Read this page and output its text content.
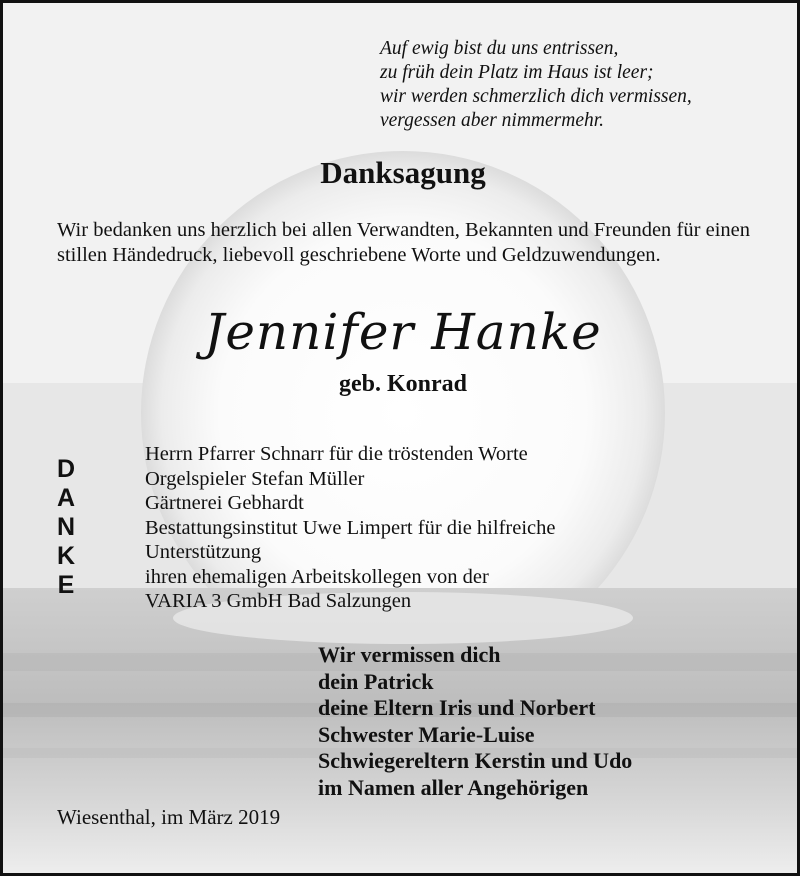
Auf ewig bist du uns entrissen,
zu früh dein Platz im Haus ist leer;
wir werden schmerzlich dich vermissen,
vergessen aber nimmermehr.
Danksagung
Wir bedanken uns herzlich bei allen Verwandten, Bekannten und Freunden für einen stillen Händedruck, liebevoll geschriebene Worte und Geldzuwendungen.
Jennifer Hanke
geb. Konrad
D
A
N
K
E
Herrn Pfarrer Schnarr für die tröstenden Worte
Orgelspieler Stefan Müller
Gärtnerei Gebhardt
Bestattungsinstitut Uwe Limpert für die hilfreiche
Unterstützung
ihren ehemaligen Arbeitskollegen von der
VARIA 3 GmbH Bad Salzungen
Wir vermissen dich
dein Patrick
deine Eltern Iris und Norbert
Schwester Marie-Luise
Schwiegereltern Kerstin und Udo
im Namen aller Angehörigen
Wiesenthal, im März 2019
